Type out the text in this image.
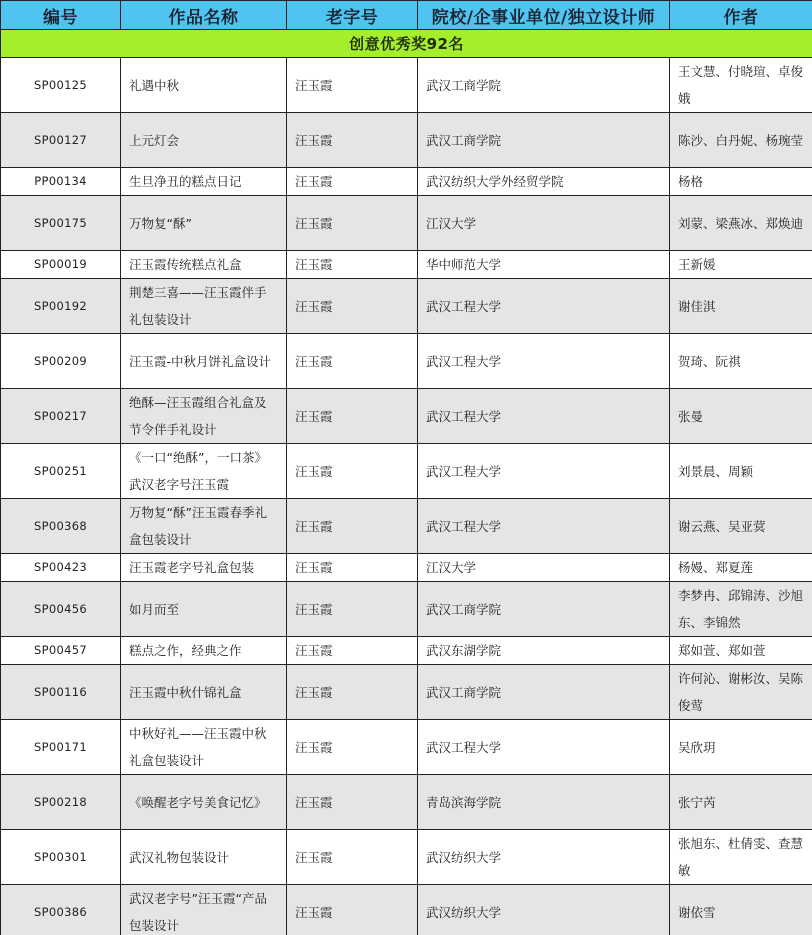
编号	作品名称	老字号	院校/企事业单位/独立设计师	作者
创意优秀奖92名				
SP00125	礼遇中秋	汪玉霞	武汉工商学院	王文慧、付晓瑄、卓俊娥
SP00127	上元灯会	汪玉霞	武汉工商学院	陈沙、白丹妮、杨琬莹
PP00134	生旦净丑的糕点日记	汪玉霞	武汉纺织大学外经贸学院	杨格
SP00175	万物复“酥”	汪玉霞	江汉大学	刘蒙、梁燕冰、郑焕迪
SP00019	汪玉霞传统糕点礼盒	汪玉霞	华中师范大学	王新媛
SP00192	荆楚三喜——汪玉霞伴手礼包装设计	汪玉霞	武汉工程大学	谢佳淇
SP00209	汪玉霞-中秋月饼礼盒设计	汪玉霞	武汉工程大学	贺琦、阮祺
SP00217	绝酥—汪玉霞组合礼盒及节令伴手礼设计	汪玉霞	武汉工程大学	张曼
SP00251	《一口“绝酥”，一口茶》武汉老字号汪玉霞	汪玉霞	武汉工程大学	刘景晨、周颖
SP00368	万物复“酥”汪玉霞春季礼盒包装设计	汪玉霞	武汉工程大学	谢云燕、吴亚蓂
SP00423	汪玉霞老字号礼盒包装	汪玉霞	江汉大学	杨嫚、郑夏莲
SP00456	如月而至	汪玉霞	武汉工商学院	李梦冉、邱锦涛、沙旭东、李锦然
SP00457	糕点之作，经典之作	汪玉霞	武汉东湖学院	郑如萱、郑如萱
SP00116	汪玉霞中秋什锦礼盒	汪玉霞	武汉工商学院	许何沁、谢彬汝、吴陈俊莺
SP00171	中秋好礼——汪玉霞中秋礼盒包装设计	汪玉霞	武汉工程大学	吴欣玥
SP00218	《唤醒老字号美食记忆》	汪玉霞	青岛滨海学院	张宁芮
SP00301	武汉礼物包装设计	汪玉霞	武汉纺织大学	张旭东、杜倩雯、查慧敏
SP00386	武汉老字号”汪玉霞“产品包装设计	汪玉霞	武汉纺织大学	谢依雪
